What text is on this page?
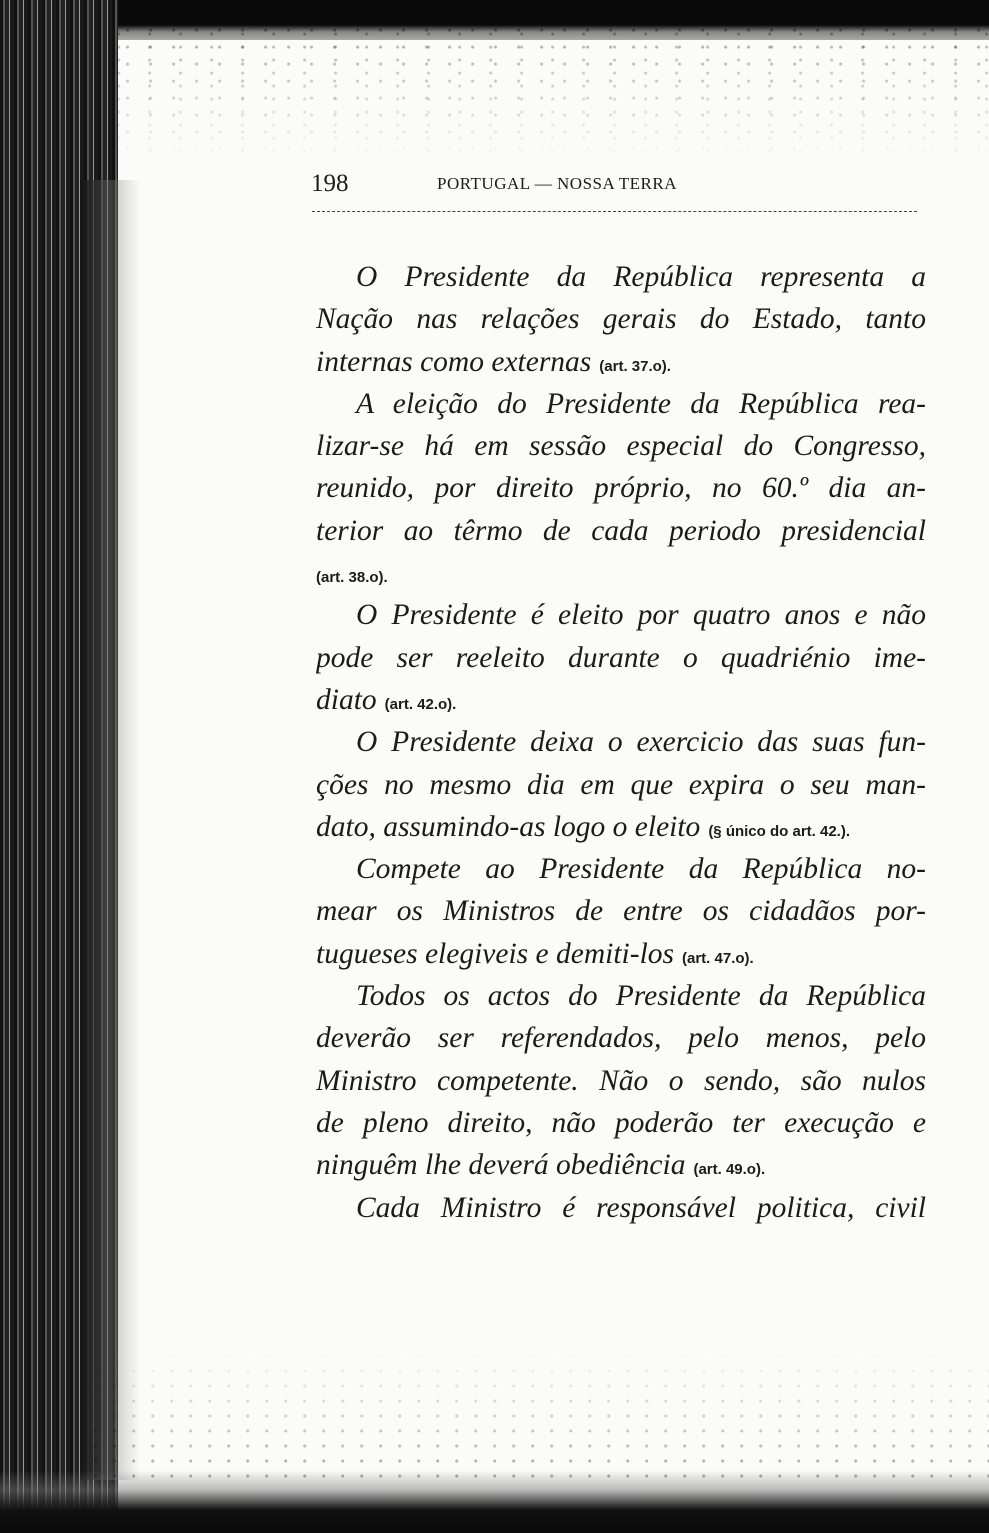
198	PORTUGAL — NOSSA TERRA
O Presidente da República representa a
Nação nas relações gerais do Estado, tanto
internas como externas (art. 37.o).
A eleição do Presidente da República rea-
lizar-se há em sessão especial do Congresso,
reunido, por direito próprio, no 60.º dia an-
terior ao têrmo de cada periodo presidencial
(art. 38.o).
O Presidente é eleito por quatro anos e não
pode ser reeleito durante o quadriénio ime-
diato (art. 42.o).
O Presidente deixa o exercicio das suas fun-
ções no mesmo dia em que expira o seu man-
dato, assumindo-as logo o eleito (§ único do art. 42.).
Compete ao Presidente da República no-
mear os Ministros de entre os cidadãos por-
tugueses elegiveis e demiti-los (art. 47.o).
Todos os actos do Presidente da República
deverão ser referendados, pelo menos, pelo
Ministro competente. Não o sendo, são nulos
de pleno direito, não poderão ter execução e
ninguêm lhe deverá obediência (art. 49.o).
Cada Ministro é responsável politica, civil
